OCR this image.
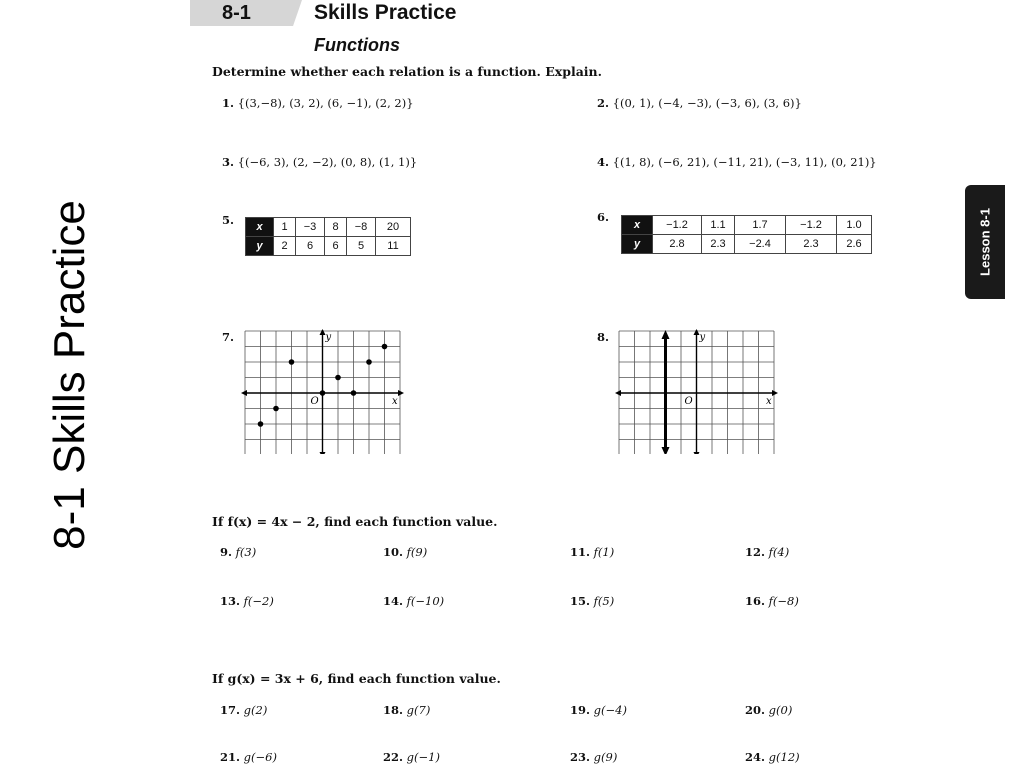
8-1 Skills Practice
8-1	Skills Practice
Functions
Lesson 8-1
Determine whether each relation is a function. Explain.
1. {(3,−8), (3, 2), (6, −1), (2, 2)}	2. {(0, 1), (−4, −3), (−3, 6), (3, 6)}
3. {(−6, 3), (2, −2), (0, 8), (1, 1)}	4. {(1, 8), (−6, 21), (−11, 21), (−3, 11), (0, 21)}
5. x	1	−3	8	−8	20
y	2	6	6	5	11
6.
x	−1.2	1.1	1.7	−1.2	1.0
y	2.8	2.3	−2.4	2.3	2.6
7.
x
y
O
8.
x
y
O
If f(x) = 4x − 2, find each function value.
9. f(3)	10. f(9)	11. f(1)	12. f(4)
13. f(−2)	14. f(−10)	15. f(5)	16. f(−8)
If g(x) = 3x + 6, find each function value.
17. g(2)	18. g(7)	19. g(−4)	20. g(0)
21. g(−6)	22. g(−1)	23. g(9)	24. g(12)
